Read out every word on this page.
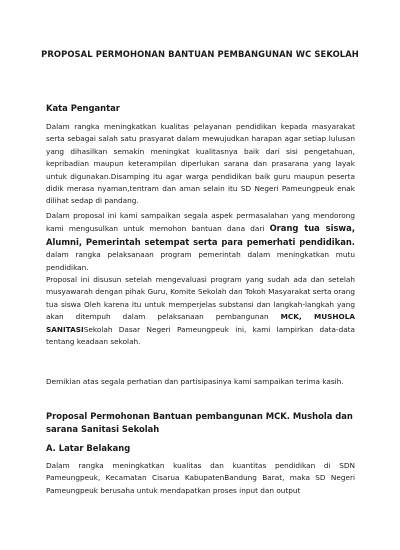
PROPOSAL PERMOHONAN BANTUAN PEMBANGUNAN WC SEKOLAH
Kata Pengantar

Dalam rangka meningkatkan kualitas pelayanan pendidikan kepada masyarakat serta sebagai salah satu prasyarat dalam mewujudkan harapan agar setiap lulusan yang dihasilkan semakin meningkat kualitasnya baik dari sisi pengetahuan, kepribadian maupun keterampilan diperlukan sarana dan prasarana yang layak untuk digunakan.Disamping itu agar warga pendidikan baik guru maupun peserta didik merasa nyaman,tentram dan aman selain itu SD Negeri Pameungpeuk enak dilihat sedap di pandang.

Dalam proposal ini kami sampaikan segala aspek permasalahan yang mendorong kami mengusulkan untuk memohon bantuan dana dari Orang tua siswa, Alumni, Pemerintah setempat serta para pemerhati pendidikan. dalam rangka pelaksanaan program pemerintah dalam meningkatkan mutu pendidikan.

Proposal ini disusun setelah mengevaluasi program yang sudah ada dan setelah musyawarah dengan pihak Guru, Komite Sekolah dan Tokoh Masyarakat serta orang tua siswa Oleh karena itu untuk memperjelas substansi dan langkah-langkah yang akan ditempuh dalam pelaksanaan pembangunan MCK, MUSHOLA SANITASISekolah Dasar Negeri Pameungpeuk ini, kami lampirkan data-data tentang keadaan sekolah.

Demikian atas segala perhatian dan partisipasinya kami sampaikan terima kasih.

Proposal Permohonan Bantuan pembangunan MCK. Mushola dan sarana Sanitasi Sekolah
A. Latar Belakang

Dalam rangka meningkatkan kualitas dan kuantitas pendidikan di SDN Pameungpeuk, Kecamatan Cisarua KabupatenBandung Barat, maka SD Negeri Pameungpeuk berusaha untuk mendapatkan proses input dan output
